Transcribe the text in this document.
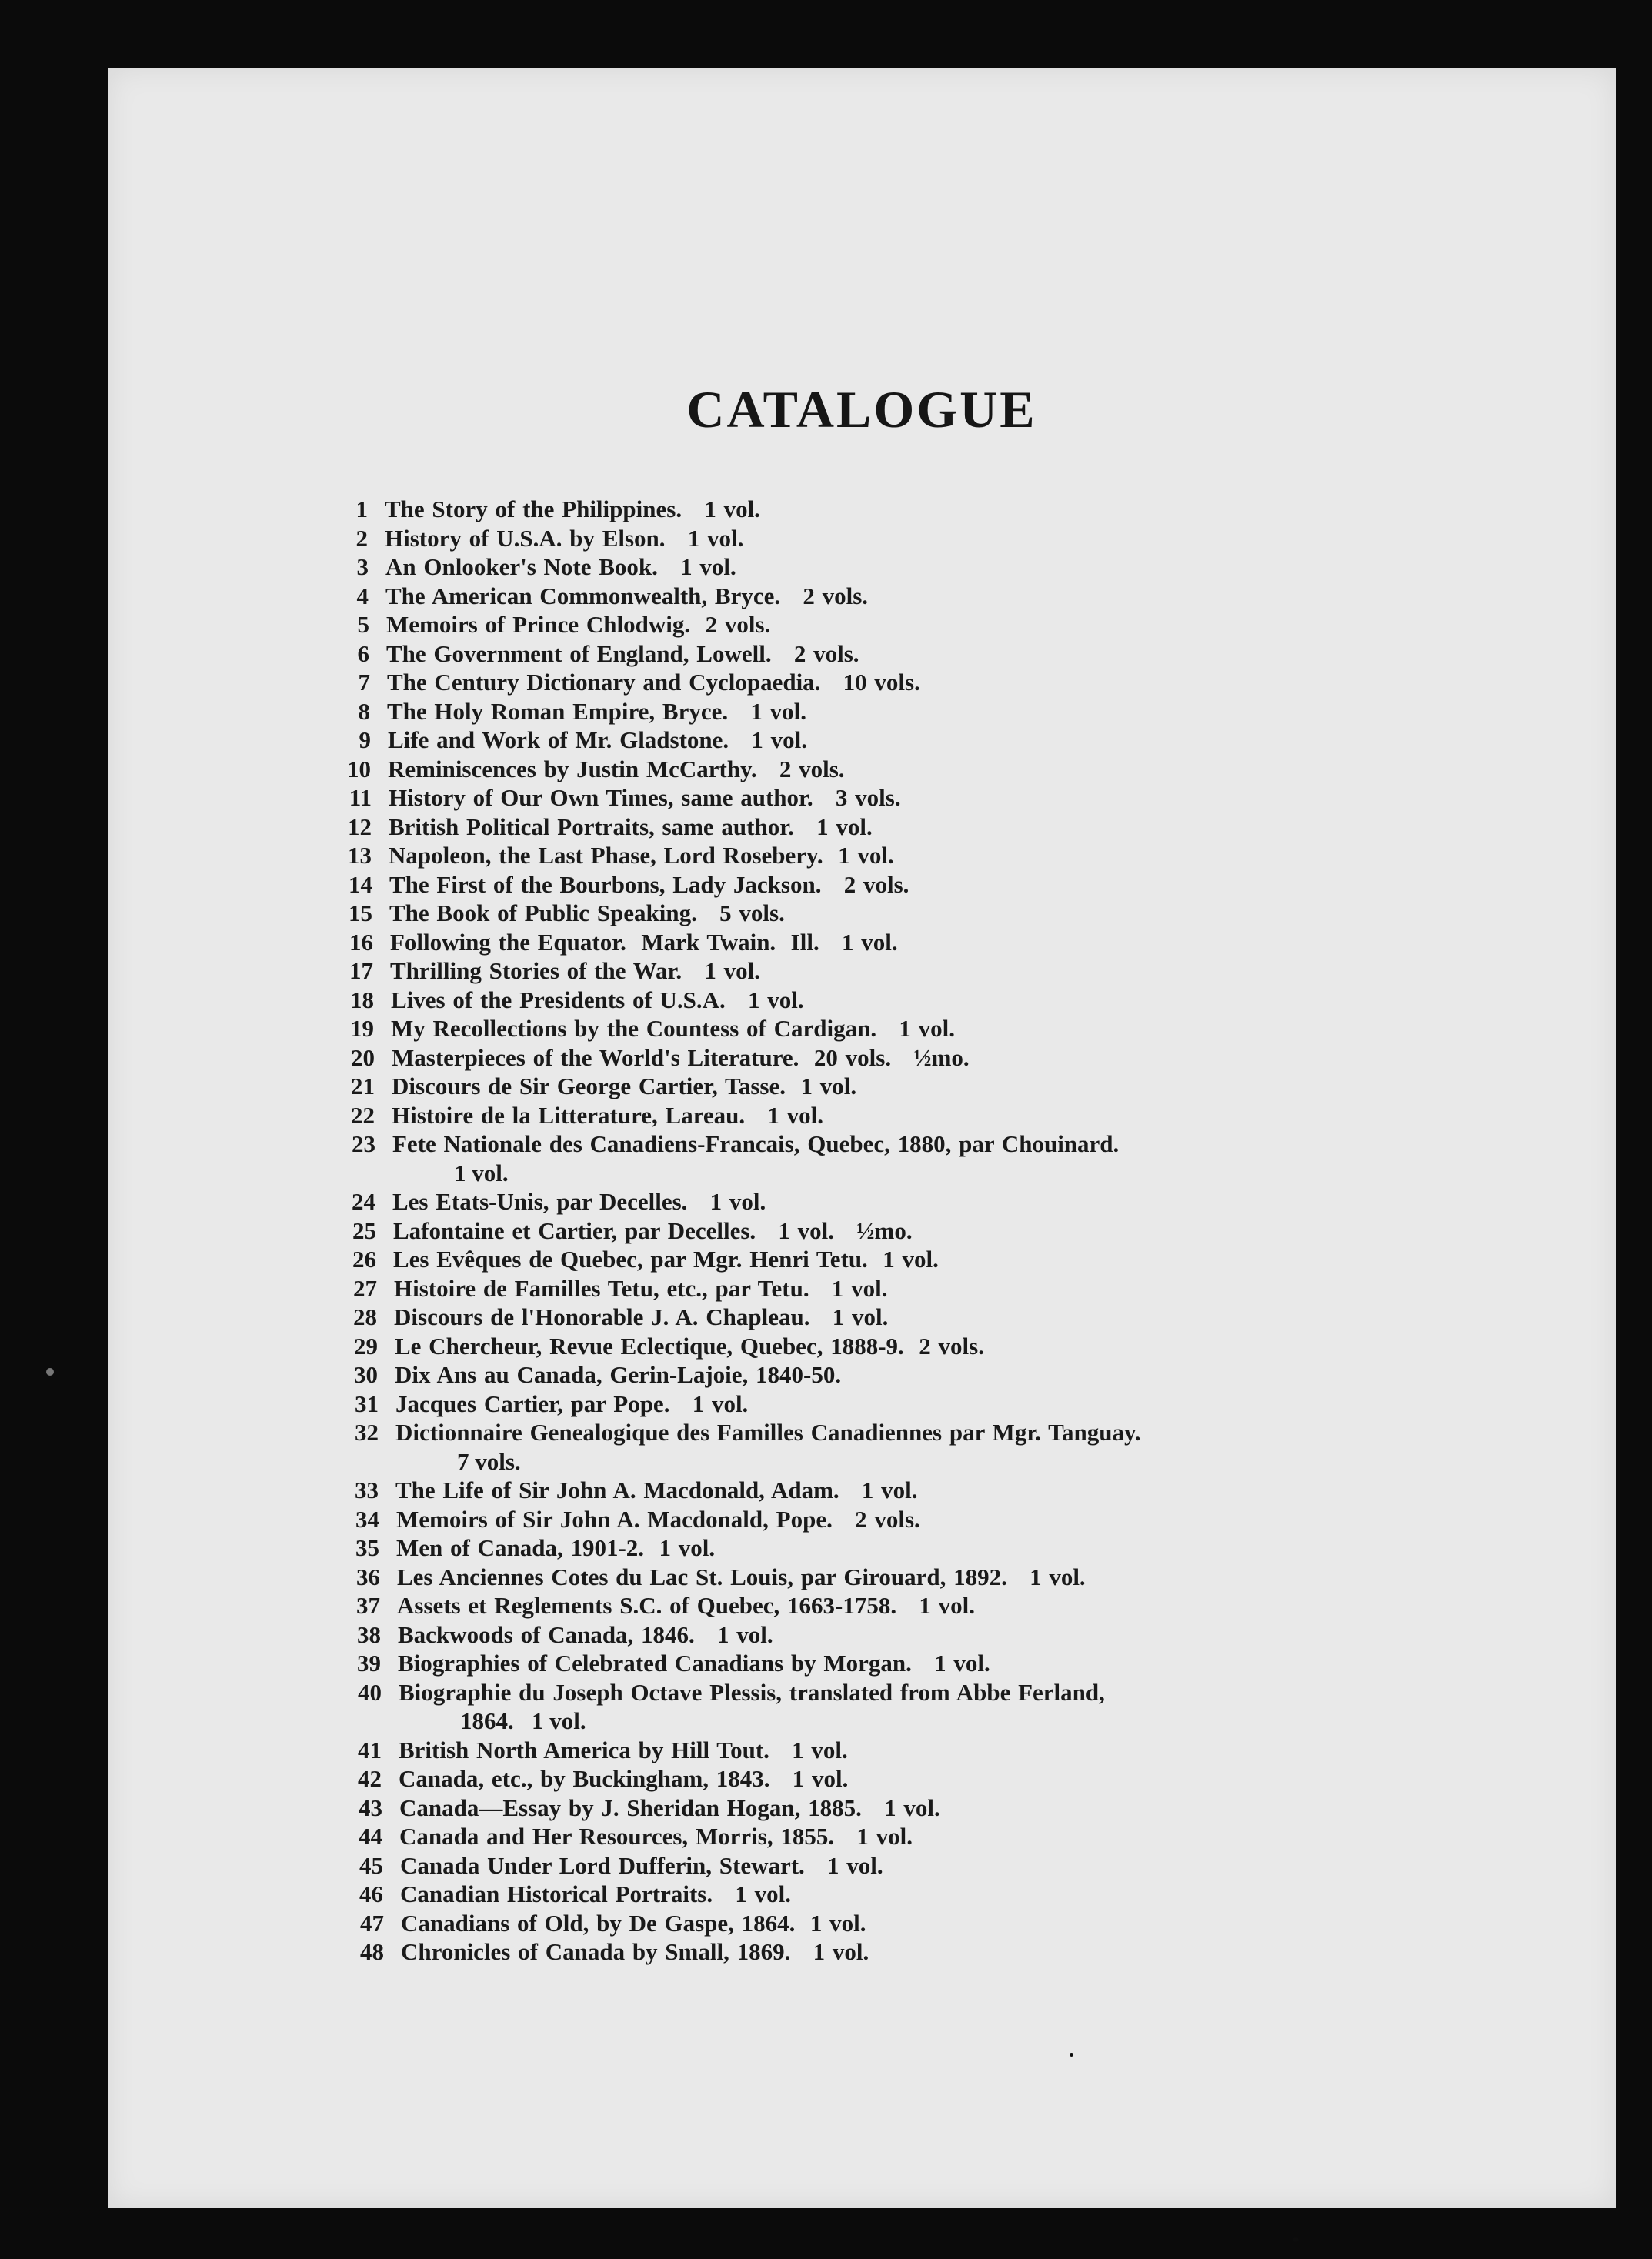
CATALOGUE
1 The Story of the Philippines.   1 vol.
2 History of U.S.A. by Elson.   1 vol.
3 An Onlooker's Note Book.   1 vol.
4 The American Commonwealth, Bryce.   2 vols.
5 Memoirs of Prince Chlodwig.  2 vols.
6 The Government of England, Lowell.   2 vols.
7 The Century Dictionary and Cyclopaedia.   10 vols.
8 The Holy Roman Empire, Bryce.   1 vol.
9 Life and Work of Mr. Gladstone.   1 vol.
10 Reminiscences by Justin McCarthy.   2 vols.
11 History of Our Own Times, same author.   3 vols.
12 British Political Portraits, same author.   1 vol.
13 Napoleon, the Last Phase, Lord Rosebery.  1 vol.
14 The First of the Bourbons, Lady Jackson.   2 vols.
15 The Book of Public Speaking.   5 vols.
16 Following the Equator.  Mark Twain.  Ill.   1 vol.
17 Thrilling Stories of the War.   1 vol.
18 Lives of the Presidents of U.S.A.   1 vol.
19 My Recollections by the Countess of Cardigan.   1 vol.
20 Masterpieces of the World's Literature.  20 vols.   ½mo.
21 Discours de Sir George Cartier, Tasse.  1 vol.
22 Histoire de la Litterature, Lareau.   1 vol.
23 Fete Nationale des Canadiens-Francais, Quebec, 1880, par Chouinard.
1 vol.
24 Les Etats-Unis, par Decelles.   1 vol.
25 Lafontaine et Cartier, par Decelles.   1 vol.   ½mo.
26 Les Evêques de Quebec, par Mgr. Henri Tetu.  1 vol.
27 Histoire de Familles Tetu, etc., par Tetu.   1 vol.
28 Discours de l'Honorable J. A. Chapleau.   1 vol.
29 Le Chercheur, Revue Eclectique, Quebec, 1888-9.  2 vols.
30 Dix Ans au Canada, Gerin-Lajoie, 1840-50.
31 Jacques Cartier, par Pope.   1 vol.
32 Dictionnaire Genealogique des Familles Canadiennes par Mgr. Tanguay.
7 vols.
33 The Life of Sir John A. Macdonald, Adam.   1 vol.
34 Memoirs of Sir John A. Macdonald, Pope.   2 vols.
35 Men of Canada, 1901-2.  1 vol.
36 Les Anciennes Cotes du Lac St. Louis, par Girouard, 1892.   1 vol.
37 Assets et Reglements S.C. of Quebec, 1663-1758.   1 vol.
38 Backwoods of Canada, 1846.   1 vol.
39 Biographies of Celebrated Canadians by Morgan.   1 vol.
40 Biographie du Joseph Octave Plessis, translated from Abbe Ferland,
1864.   1 vol.
41 British North America by Hill Tout.   1 vol.
42 Canada, etc., by Buckingham, 1843.   1 vol.
43 Canada—Essay by J. Sheridan Hogan, 1885.   1 vol.
44 Canada and Her Resources, Morris, 1855.   1 vol.
45 Canada Under Lord Dufferin, Stewart.   1 vol.
46 Canadian Historical Portraits.   1 vol.
47 Canadians of Old, by De Gaspe, 1864.  1 vol.
48 Chronicles of Canada by Small, 1869.   1 vol.
